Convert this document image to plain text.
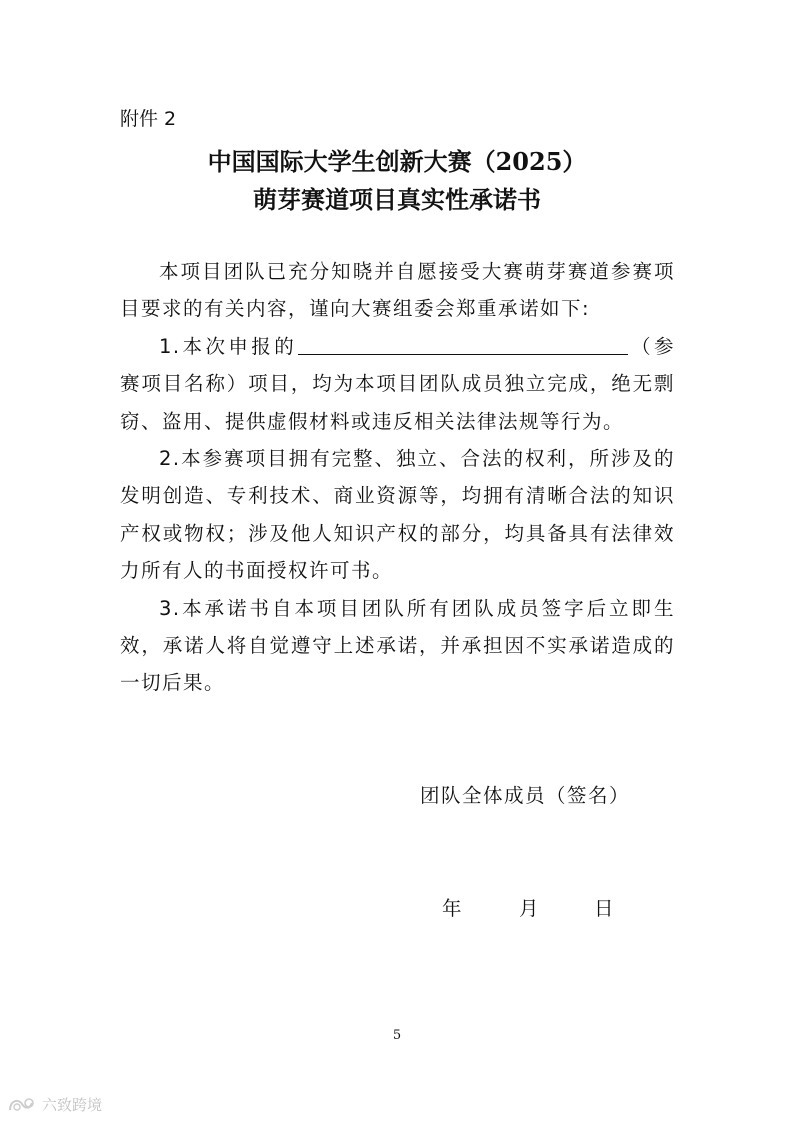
附件 2

中国国际大学生创新大赛（2025）
萌芽赛道项目真实性承诺书

本项目团队已充分知晓并自愿接受大赛萌芽赛道参赛项目要求的有关内容，谨向大赛组委会郑重承诺如下:

1.本次申报的	（参赛项目名称）项目，均为本项目团队成员独立完成，绝无剽窃、盗用、提供虚假材料或违反相关法律法规等行为。

2.本参赛项目拥有完整、独立、合法的权利，所涉及的发明创造、专利技术、商业资源等，均拥有清晰合法的知识产权或物权；涉及他人知识产权的部分，均具备具有法律效力所有人的书面授权许可书。

3.本承诺书自本项目团队所有团队成员签字后立即生效，承诺人将自觉遵守上述承诺，并承担因不实承诺造成的一切后果。

团队全体成员（签名）

年	月	日

5

六致跨境
